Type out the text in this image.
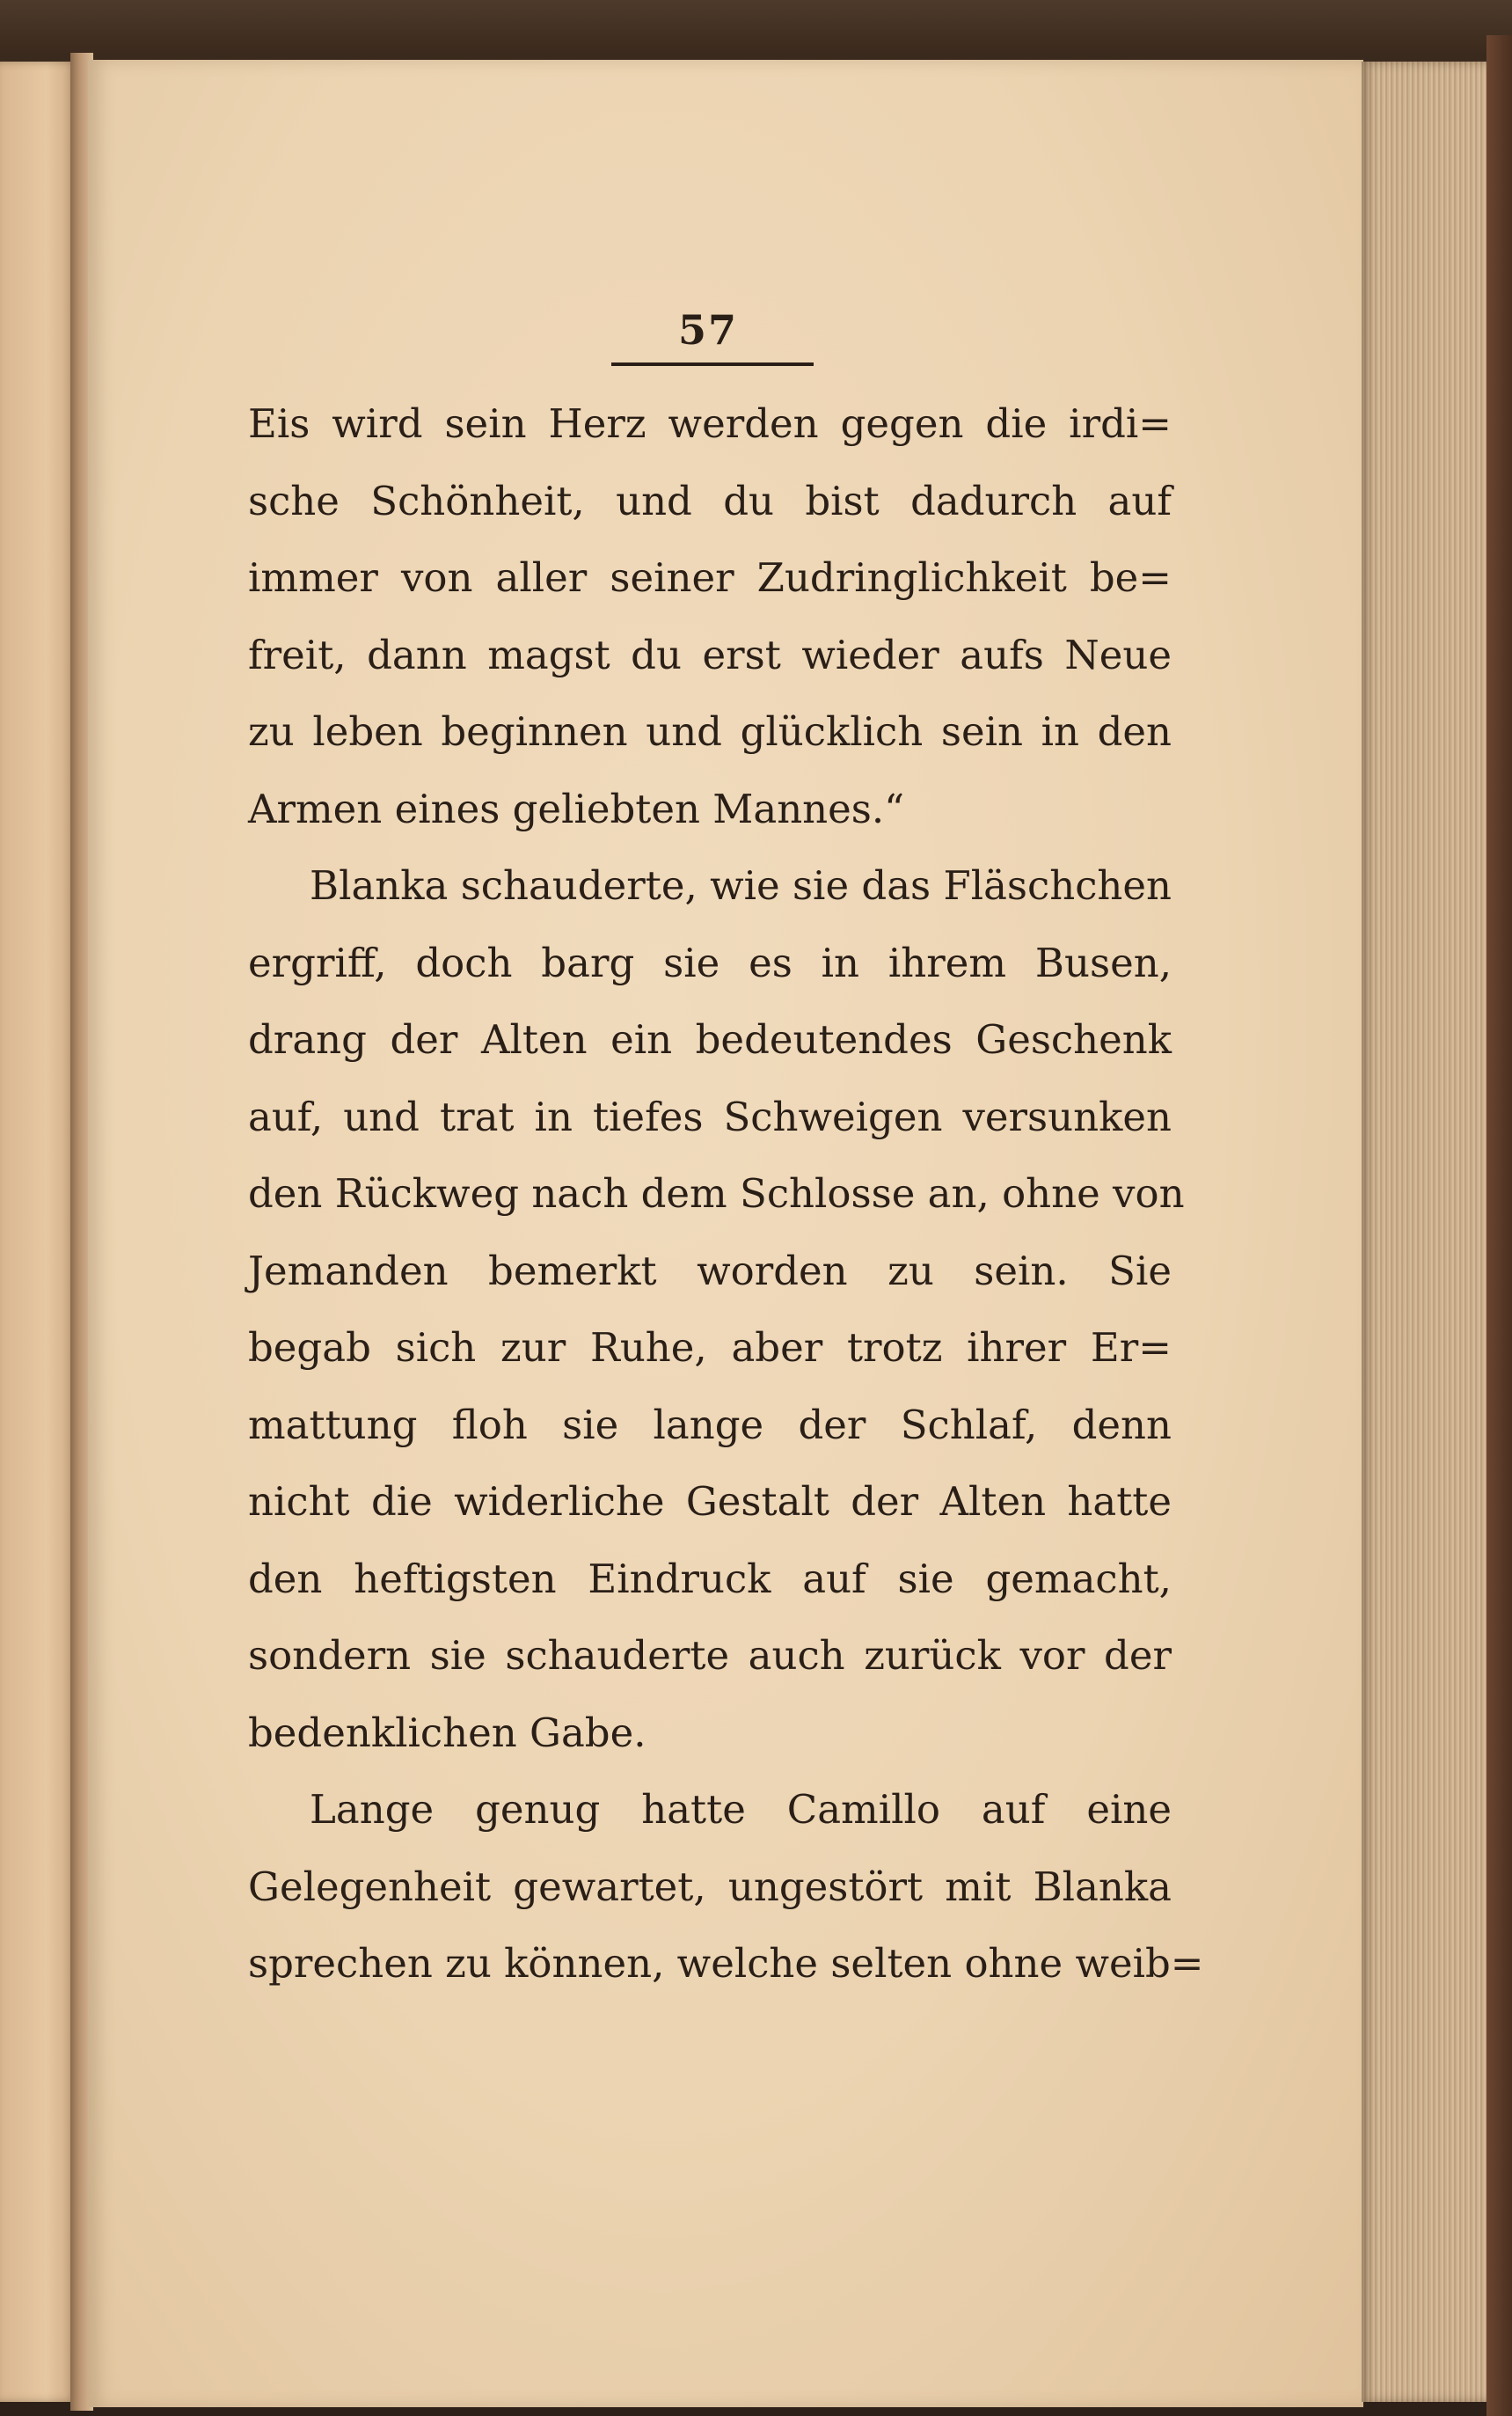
57
Eis wird sein Herz werden gegen die irdi=
sche Schönheit, und du bist dadurch auf
immer von aller seiner Zudringlichkeit be=
freit, dann magst du erst wieder aufs Neue
zu leben beginnen und glücklich sein in den
Armen eines geliebten Mannes.“
Blanka schauderte, wie sie das Fläschchen
ergriff, doch barg sie es in ihrem Busen,
drang der Alten ein bedeutendes Geschenk
auf, und trat in tiefes Schweigen versunken
den Rückweg nach dem Schlosse an, ohne von
Jemanden bemerkt worden zu sein. Sie
begab sich zur Ruhe, aber trotz ihrer Er=
mattung floh sie lange der Schlaf, denn
nicht die widerliche Gestalt der Alten hatte
den heftigsten Eindruck auf sie gemacht,
sondern sie schauderte auch zurück vor der
bedenklichen Gabe.
Lange genug hatte Camillo auf eine
Gelegenheit gewartet, ungestört mit Blanka
sprechen zu können, welche selten ohne weib=
